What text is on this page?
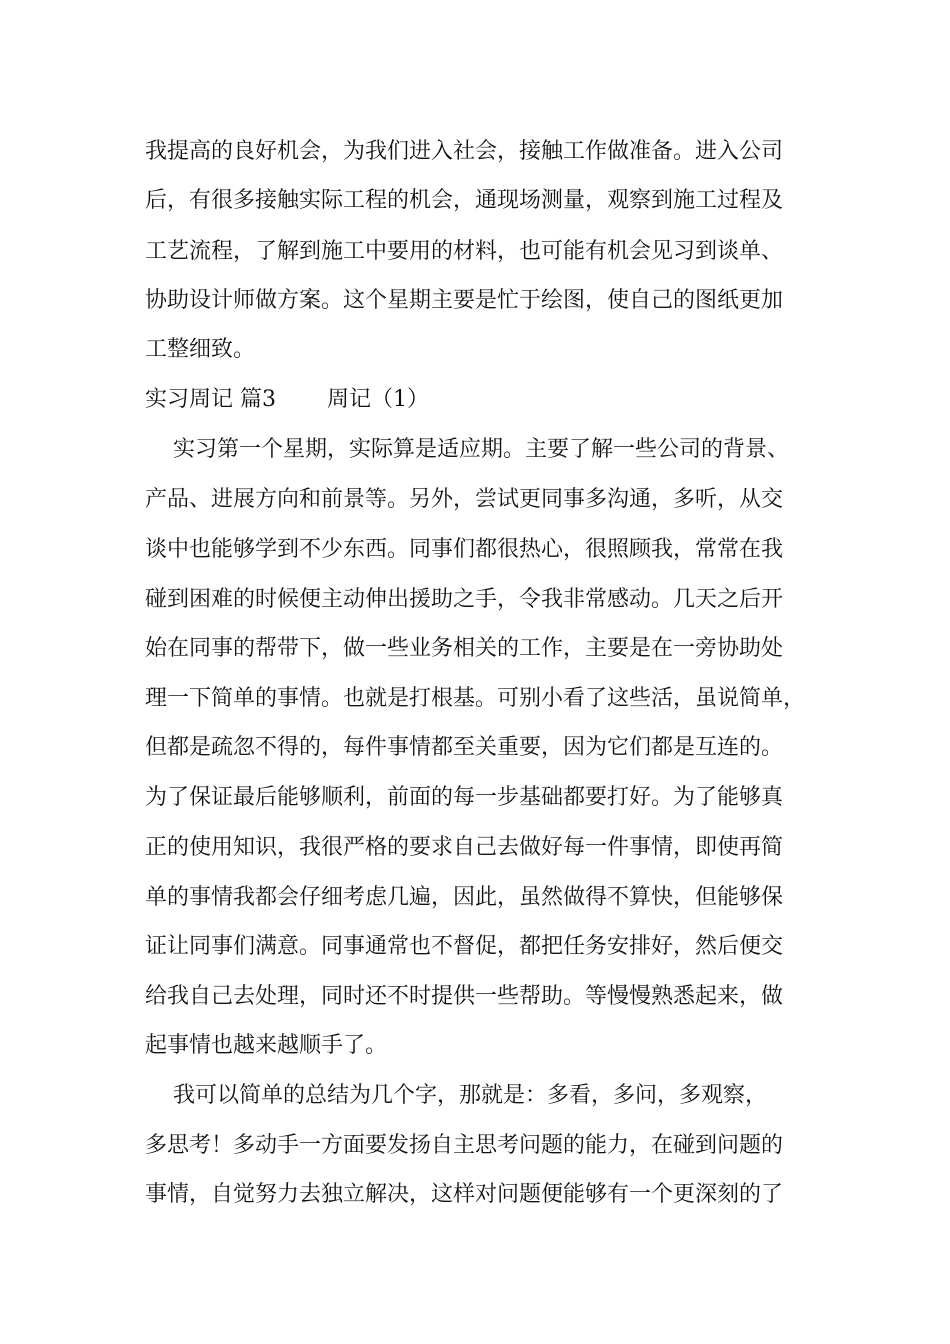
我提高的良好机会，为我们进入社会，接触工作做准备。进入公司
后，有很多接触实际工程的机会，通现场测量，观察到施工过程及
工艺流程，了解到施工中要用的材料，也可能有机会见习到谈单、
协助设计师做方案。这个星期主要是忙于绘图，使自己的图纸更加
工整细致。
实习周记 篇3 周记（1）
实习第一个星期，实际算是适应期。主要了解一些公司的背景、
产品、进展方向和前景等。另外，尝试更同事多沟通，多听，从交
谈中也能够学到不少东西。同事们都很热心，很照顾我，常常在我
碰到困难的时候便主动伸出援助之手，令我非常感动。几天之后开
始在同事的帮带下，做一些业务相关的工作，主要是在一旁协助处
理一下简单的事情。也就是打根基。可别小看了这些活，虽说简单，
但都是疏忽不得的，每件事情都至关重要，因为它们都是互连的。
为了保证最后能够顺利，前面的每一步基础都要打好。为了能够真
正的使用知识，我很严格的要求自己去做好每一件事情，即使再简
单的事情我都会仔细考虑几遍，因此，虽然做得不算快，但能够保
证让同事们满意。同事通常也不督促，都把任务安排好，然后便交
给我自己去处理，同时还不时提供一些帮助。等慢慢熟悉起来，做
起事情也越来越顺手了。
我可以简单的总结为几个字，那就是：多看，多问，多观察，
多思考！多动手一方面要发扬自主思考问题的能力，在碰到问题的
事情，自觉努力去独立解决，这样对问题便能够有一个更深刻的了
